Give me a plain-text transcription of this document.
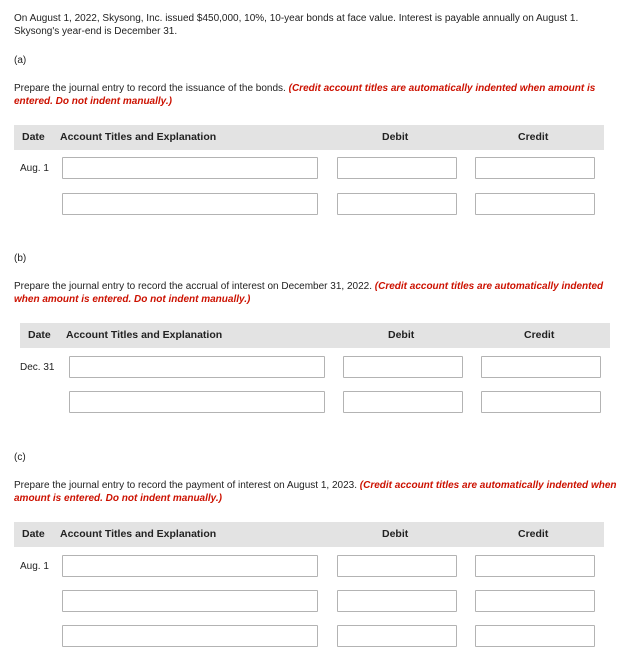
On August 1, 2022, Skysong, Inc. issued $450,000, 10%, 10-year bonds at face value. Interest is payable annually on August 1. Skysong's year-end is December 31.
(a)
Prepare the journal entry to record the issuance of the bonds. (Credit account titles are automatically indented when amount is entered. Do not indent manually.)
Date Account Titles and Explanation	Debit	Credit
Aug. 1
(b)
Prepare the journal entry to record the accrual of interest on December 31, 2022. (Credit account titles are automatically indented when amount is entered. Do not indent manually.)
Date Account Titles and Explanation	Debit	Credit
Dec. 31
(c)
Prepare the journal entry to record the payment of interest on August 1, 2023. (Credit account titles are automatically indented when amount is entered. Do not indent manually.)
Date Account Titles and Explanation	Debit	Credit
Aug. 1
